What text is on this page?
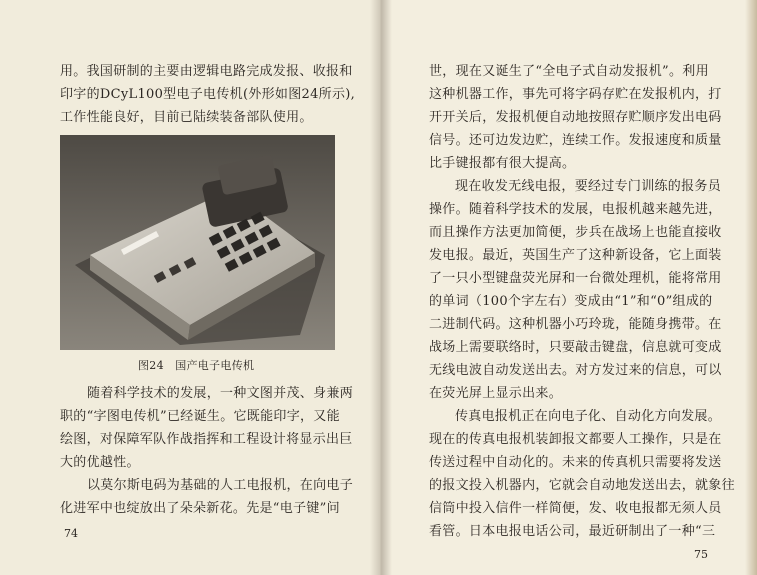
用。我国研制的主要由逻辑电路完成发报、收报和
印字的DCyL100型电子电传机(外形如图24所示),
工作性能良好，目前已陆续装备部队使用。
图24　国产电子电传机
随着科学技术的发展，一种文图并茂、身兼两
职的“字图电传机”已经诞生。它既能印字，又能
绘图，对保障军队作战指挥和工程设计将显示出巨
大的优越性。
以莫尔斯电码为基础的人工电报机，在向电子
化进军中也绽放出了朵朵新花。先是“电子键”问
74
世，现在又诞生了“全电子式自动发报机”。利用
这种机器工作，事先可将字码存贮在发报机内，打
开开关后，发报机便自动地按照存贮顺序发出电码
信号。还可边发边贮，连续工作。发报速度和质量
比手键报都有很大提高。
现在收发无线电报，要经过专门训练的报务员
操作。随着科学技术的发展，电报机越来越先进，
而且操作方法更加简便，步兵在战场上也能直接收
发电报。最近，英国生产了这种新设备，它上面装
了一只小型键盘荧光屏和一台微处理机，能将常用
的单词（100个字左右）变成由“1”和“0”组成的
二进制代码。这种机器小巧玲珑，能随身携带。在
战场上需要联络时，只要敲击键盘，信息就可变成
无线电波自动发送出去。对方发过来的信息，可以
在荧光屏上显示出来。
传真电报机正在向电子化、自动化方向发展。
现在的传真电报机装卸报文都要人工操作，只是在
传送过程中自动化的。未来的传真机只需要将发送
的报文投入机器内，它就会自动地发送出去，就象往
信筒中投入信件一样简便，发、收电报都无须人员
看管。日本电报电话公司，最近研制出了一种“三
75
